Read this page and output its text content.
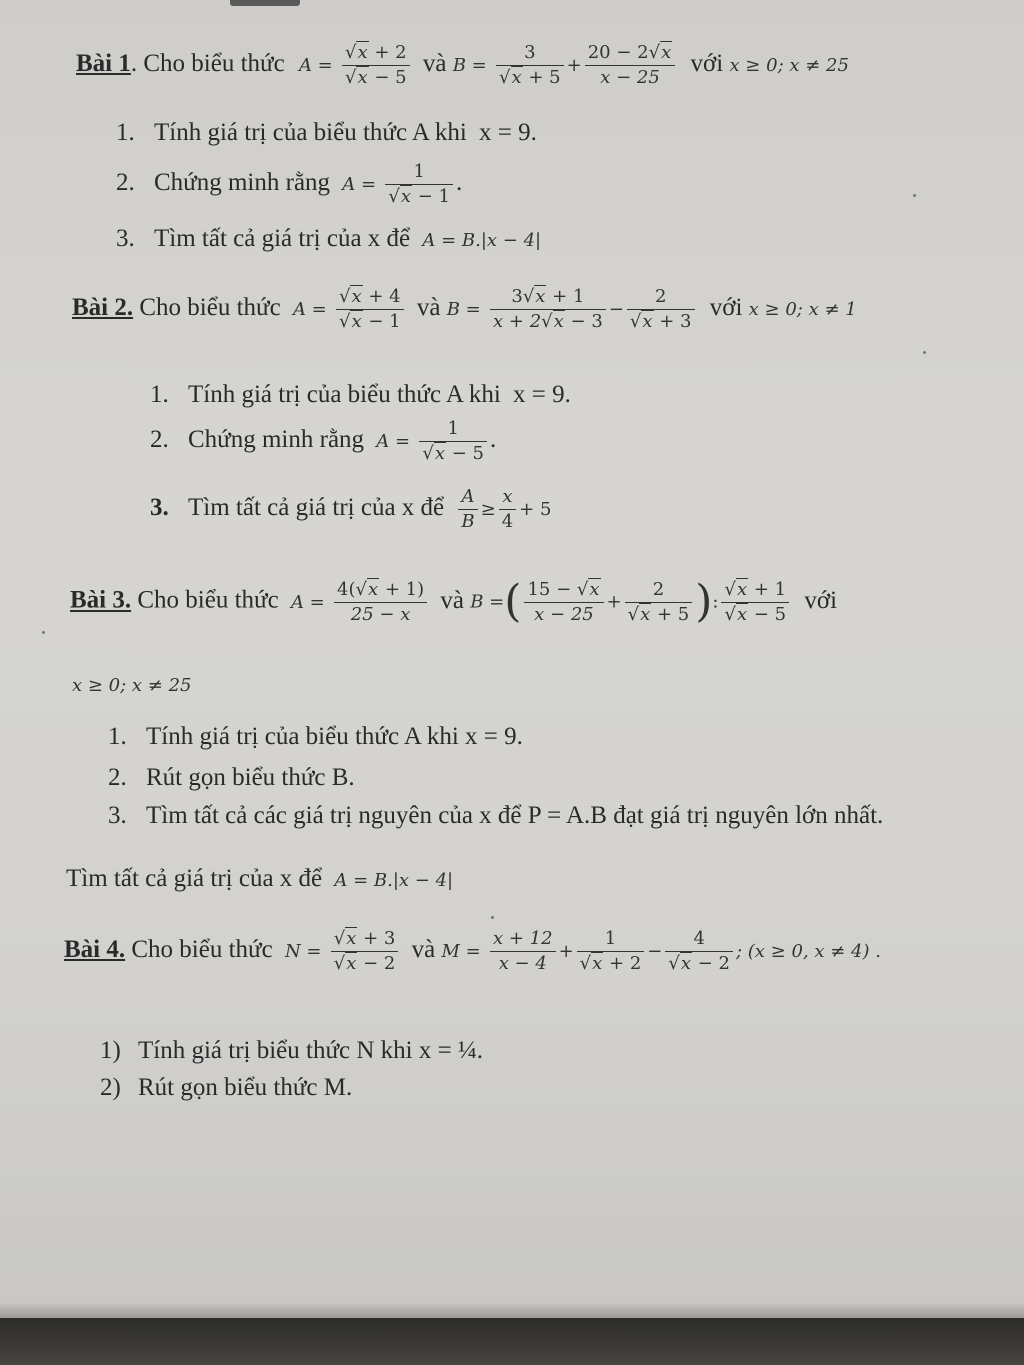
Bài 1. Cho biểu thức $A = \frac{√x + 2}{√x - 5}$ và $B = \frac{3}{√x + 5} + \frac{20 - 2√x}{x - 25}$ với x ≥ 0; x ≠ 25
1. Tính giá trị của biểu thức A khi x = 9.
2. Chứng minh rằng $A = \frac{1}{√x - 1}$ .
3. Tìm tất cả giá trị của x để A = B.|x − 4|
Bài 2. Cho biểu thức $A = \frac{√x + 4}{√x - 1}$ và $B = \frac{3√x + 1}{x + 2√x - 3} - \frac{2}{√x + 3}$ với x ≥ 0; x ≠ 1
1. Tính giá trị của biểu thức A khi x = 9.
2. Chứng minh rằng $A = \frac{1}{√x - 5}$ .
3. Tìm tất cả giá trị của x để $\frac{A}{B} \ge \frac{x}{4} + 5$
Bài 3. Cho biểu thức $A = \frac{4(√x + 1)}{25 - x}$ và B =( $\frac{15 - √x}{x - 25} + \frac{2}{√x + 5}$ ): $\frac{√x + 1}{√x - 5}$ với
x ≥ 0; x ≠ 25
1. Tính giá trị của biểu thức A khi x = 9.
2. Rút gọn biểu thức B.
3. Tìm tất cả các giá trị nguyên của x để P = A.B đạt giá trị nguyên lớn nhất.
Tìm tất cả giá trị của x để A = B.|x − 4|
Bài 4. Cho biểu thức $N = \frac{√x + 3}{√x - 2}$ và $M = \frac{x + 12}{x - 4} + \frac{1}{√x + 2} - \frac{4}{√x - 2}$ ; (x ≥ 0, x ≠ 4) .
1) Tính giá trị biểu thức N khi x = ¼.
2) Rút gọn biểu thức M.
